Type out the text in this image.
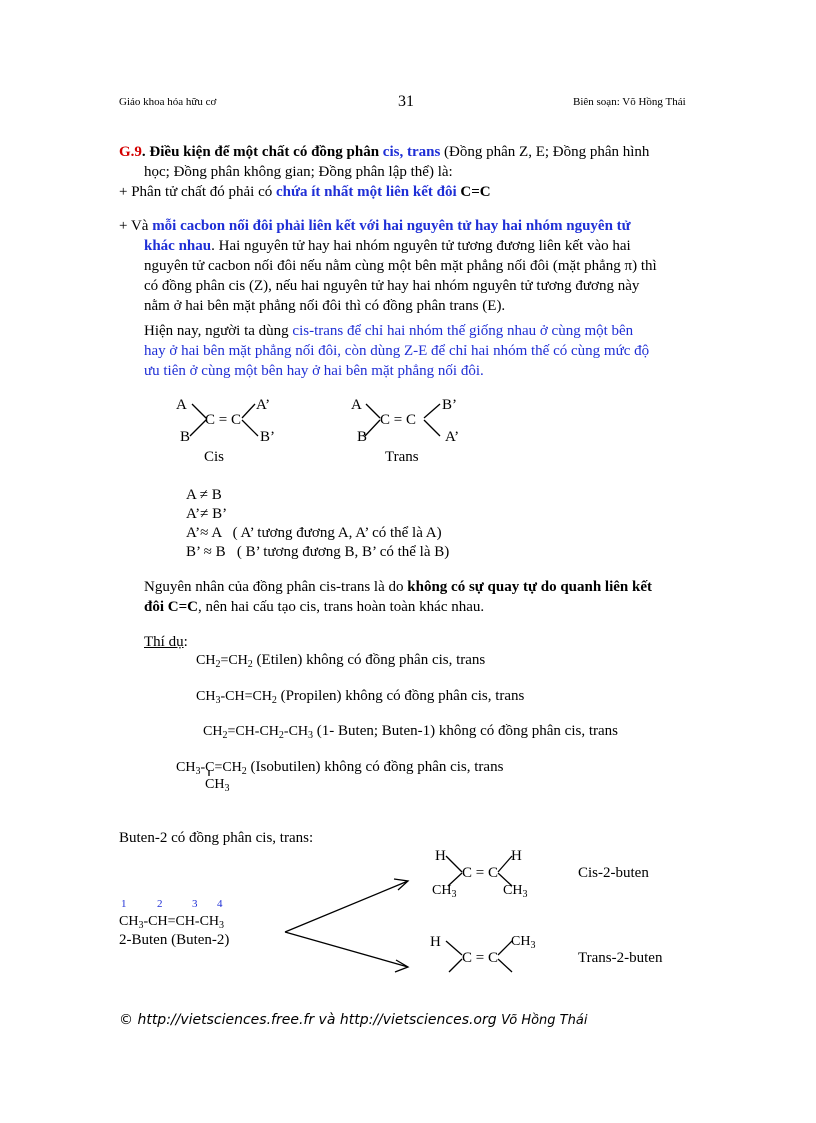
Giáo khoa hóa hữu cơ	31	Biên soạn: Võ Hồng Thái
G.9. Điều kiện để một chất có đồng phân cis, trans (Đồng phân Z, E; Đồng phân hình
học; Đồng phân không gian; Đồng phân lập thể) là:
+ Phân tử chất đó phải có chứa ít nhất một liên kết đôi C=C
+ Và mỗi cacbon nối đôi phải liên kết với hai nguyên tử hay hai nhóm nguyên tử
khác nhau. Hai nguyên tử hay hai nhóm nguyên tử tương đương liên kết vào hai
nguyên tử cacbon nối đôi nếu nằm cùng một bên mặt phẳng nối đôi (mặt phẳng π) thì
có đồng phân cis (Z), nếu hai nguyên tử hay hai nhóm nguyên tử tương đương này
nằm ở hai bên mặt phẳng nối đôi thì có đồng phân trans (E).
Hiện nay, người ta dùng cis-trans để chỉ hai nhóm thế giống nhau ở cùng một bên
hay ở hai bên mặt phẳng nối đôi, còn dùng Z-E để chỉ hai nhóm thế có cùng mức độ
ưu tiên ở cùng một bên hay ở hai bên mặt phẳng nối đôi.
A	A’
C = C
B	B’
Cis
A	B’
C = C
B	A’
Trans
A ≠ B
A’≠ B’
A’≈ A   ( A’ tương đương A, A’ có thể là A)
B’ ≈ B   ( B’ tương đương B, B’ có thể là B)
Nguyên nhân của đồng phân cis-trans là do không có sự quay tự do quanh liên kết
đôi C=C, nên hai cấu tạo cis, trans hoàn toàn khác nhau.
Thí dụ:
$CH_2=CH_2$ (Etilen) không có đồng phân cis, trans
$CH_3-CH=CH_2$ (Propilen) không có đồng phân cis, trans
$CH_2=CH-CH_2-CH_3$ (1- Buten; Buten-1) không có đồng phân cis, trans
$CH_3-C=CH_2$ (Isobutilen) không có đồng phân cis, trans
$CH_3$
Buten-2 có đồng phân cis, trans:
1	2	3 4
$CH_3-CH=CH-CH_3$
2-Buten (Buten-2)
H	H
C = C
$CH_3$	$CH_3$
Cis-2-buten
H	$CH_3$
C = C	Trans-2-buten
© http://vietsciences.free.fr và http://vietsciences.org Võ Hồng Thái
